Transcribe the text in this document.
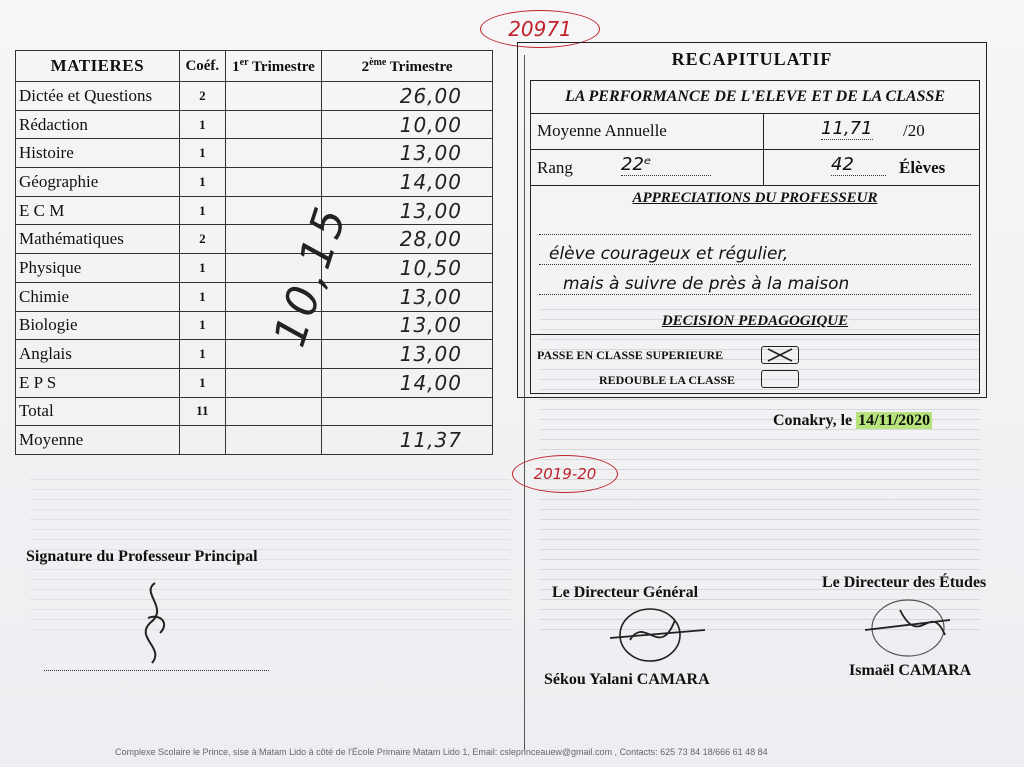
20971
MATIERES	Coéf.	1er Trimestre	2ème Trimestre
Dictée et Questions	2		26,00
Rédaction	1		10,00
Histoire	1		13,00
Géographie	1		14,00
E C M	1		13,00
Mathématiques	2		28,00
Physique	1		10,50
Chimie	1		13,00
Biologie	1		13,00
Anglais	1		13,00
E P S	1		14,00
Total	11		
Moyenne			11,37
10,15
RECAPITULATIF
LA PERFORMANCE DE L'ELEVE ET DE LA CLASSE
Moyenne Annuelle	11,71 /20
Rang	22ᵉ	42	Élèves
APPRECIATIONS DU PROFESSEUR
élève courageux et régulier,
mais à suivre de près à la maison
DECISION PEDAGOGIQUE
PASSE EN CLASSE SUPERIEURE
REDOUBLE LA CLASSE
Conakry, le 14/11/2020
2019-20
Signature du Professeur Principal
Le Directeur Général
Sékou Yalani CAMARA
Le Directeur des Études
Ismaël CAMARA
Complexe Scolaire le Prince, sise à Matam Lido à côté de l'École Primaire Matam Lido 1, Email: csleprinceauew@gmail.com , Contacts: 625 73 84 18/666 61 48 84
